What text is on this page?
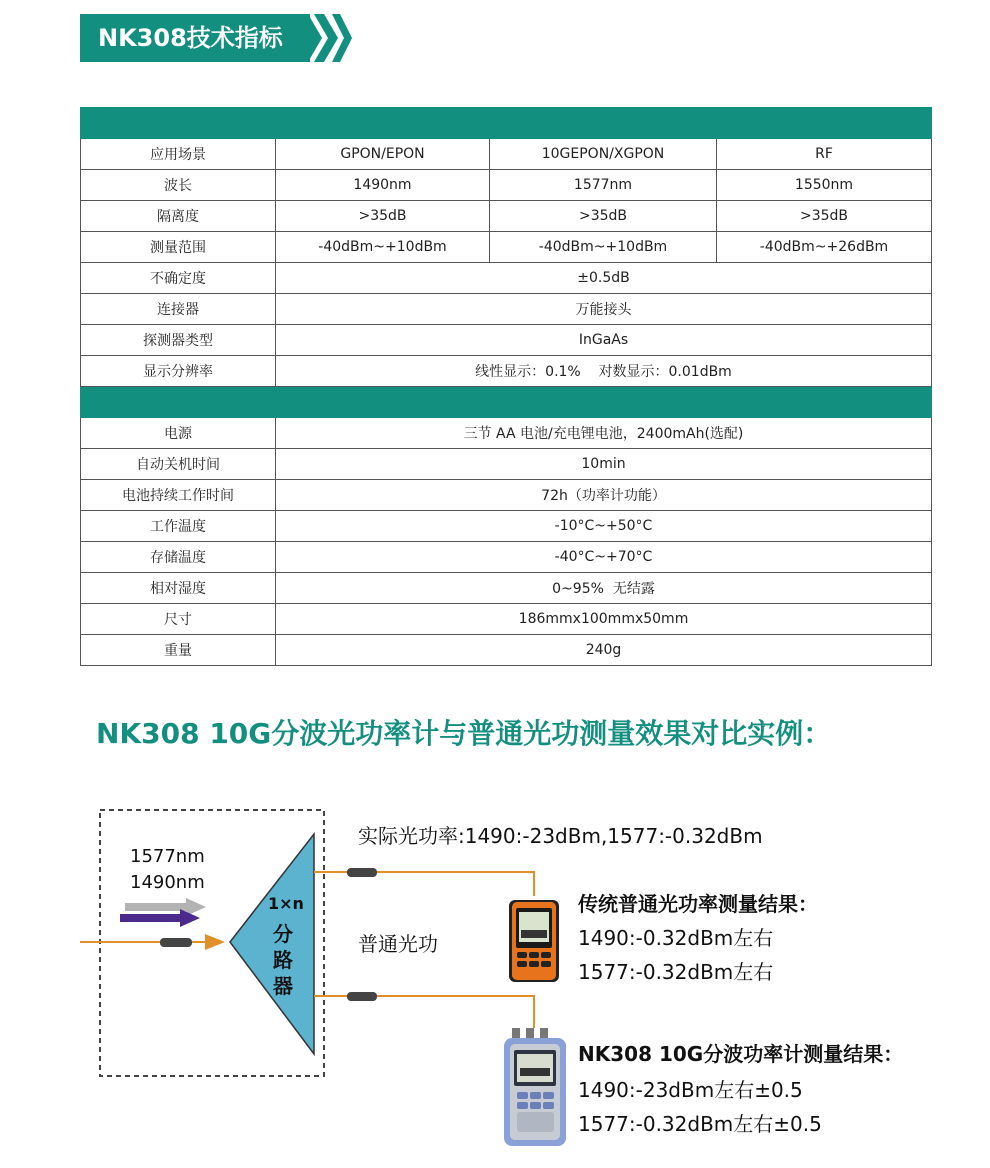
NK308技术指标

应用场景	GPON/EPON	10GEPON/XGPON	RF
波长	1490nm	1577nm	1550nm
隔离度	>35dB	>35dB	>35dB
测量范围	-40dBm~+10dBm	-40dBm~+10dBm	-40dBm~+26dBm
不确定度	±0.5dB		
连接器	万能接头		
探测器类型	InGaAs		
显示分辨率	线性显示：0.1%    对数显示：0.01dBm		

电源	三节 AA 电池/充电锂电池，2400mAh(选配)		
自动关机时间	10min		
电池持续工作时间	72h（功率计功能）		
工作温度	-10°C~+50°C		
存储温度	-40°C~+70°C		
相对湿度	0~95%  无结露		
尺寸	186mmx100mmx50mm		
重量	240g		
NK308 10G分波光功率计与普通光功测量效果对比实例：
1577nm
1490nm
1×n
分
路
器
实际光功率:1490:-23dBm,1577:-0.32dBm
普通光功
传统普通光功率测量结果：
1490:-0.32dBm左右
1577:-0.32dBm左右
NK308 10G分波功率计测量结果：
1490:-23dBm左右±0.5
1577:-0.32dBm左右±0.5
